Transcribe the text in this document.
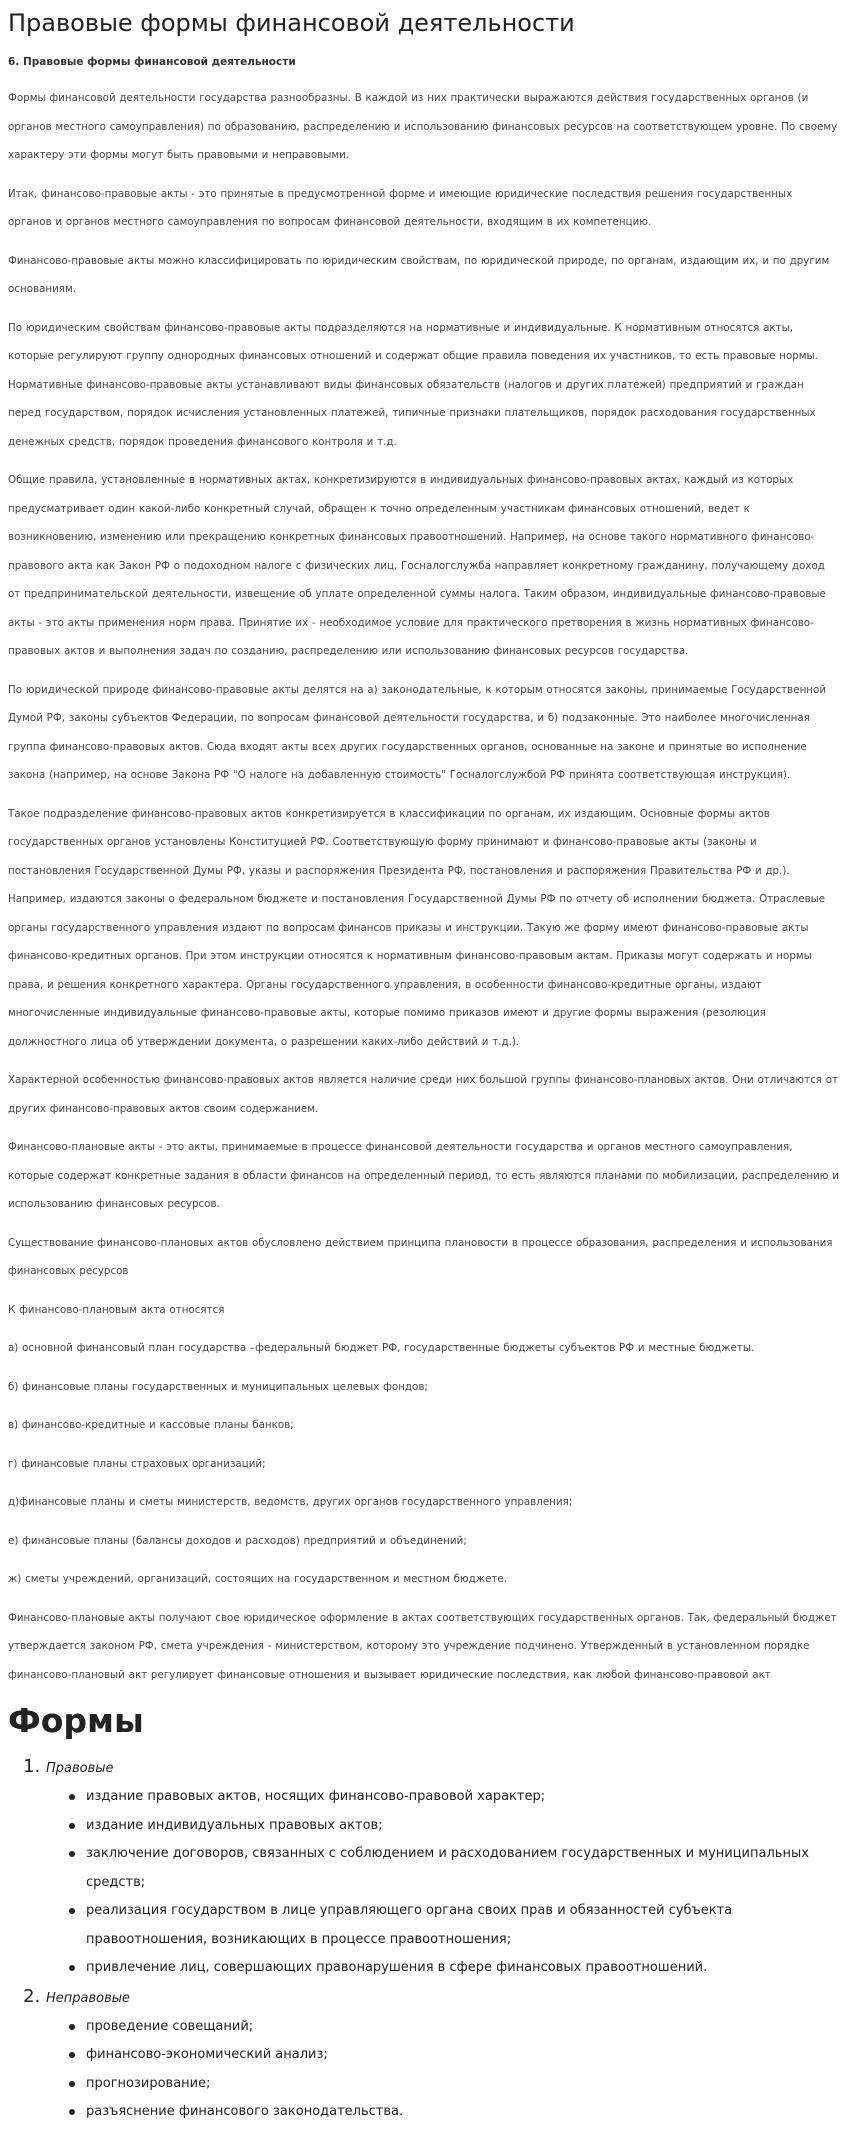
Правовые формы финансовой деятельности
6. Правовые формы финансовой деятельности

Формы финансовой деятельности государства разнообразны. В каждой из них практически выражаются действия государственных органов (и органов местного самоуправления) по образованию, распределению и использованию финансовых ресурсов на соответствующем уровне. По своему характеру эти формы могут быть правовыми и неправовыми.

Итак, финансово-правовые акты - это принятые в предусмотренной форме и имеющие юридические последствия решения государственных органов и органов местного самоуправления по вопросам финансовой деятельности, входящим в их компетенцию.

Финансово-правовые акты можно классифицировать по юридическим свойствам, по юридической природе, по органам, издающим их, и по другим основаниям.

По юридическим свойствам финансово-правовые акты подразделяются на нормативные и индивидуальные. К нормативным относятся акты, которые регулируют группу однородных финансовых отношений и содержат общие правила поведения их участников, то есть правовые нормы. Нормативные финансово-правовые акты устанавливают виды финансовых обязательств (налогов и других платежей) предприятий и граждан перед государством, порядок исчисления установленных платежей, типичные признаки плательщиков, порядок расходования государственных денежных средств, порядок проведения финансового контроля и т.д.

Общие правила, установленные в нормативных актах, конкретизируются в индивидуальных финансово-правовых актах, каждый из которых предусматривает один какой-либо конкретный случай, обращен к точно определенным участникам финансовых отношений, ведет к возникновению, изменению или прекращению конкретных финансовых правоотношений. Например, на основе такого нормативного финансово-правового акта как Закон РФ о подоходном налоге с физических лиц, Госналогслужба направляет конкретному гражданину, получающему доход от предпринимательской деятельности, извещение об уплате определенной суммы налога. Таким образом, индивидуальные финансово-правовые акты - это акты применения норм права. Принятие их - необходимое условие для практического претворения в жизнь нормативных финансово-правовых актов и выполнения задач по созданию, распределению или использованию финансовых ресурсов государства.

По юридической природе финансово-правовые акты делятся на а) законодательные, к которым относятся законы, принимаемые Государственной Думой РФ, законы субъектов Федерации, по вопросам финансовой деятельности государства, и б) подзаконные. Это наиболее многочисленная группа финансово-правовых актов. Сюда входят акты всех других государственных органов, основанные на законе и принятые во исполнение закона (например, на основе Закона РФ "О налоге на добавленную стоимость" Госналогслужбой РФ принята соответствующая инструкция).

Такое подразделение финансово-правовых актов конкретизируется в классификации по органам, их издающим. Основные формы актов государственных органов установлены Конституцией РФ. Соответствующую форму принимают и финансово-правовые акты (законы и постановления Государственной Думы РФ, указы и распоряжения Президента РФ, постановления и распоряжения Правительства РФ и др.). Например, издаются законы о федеральном бюджете и постановления Государственной Думы РФ по отчету об исполнении бюджета. Отраслевые органы государственного управления издают по вопросам финансов приказы и инструкции. Такую же форму имеют финансово-правовые акты финансово-кредитных органов. При этом инструкции относятся к нормативным финансово-правовым актам. Приказы могут содержать и нормы права, и решения конкретного характера. Органы государственного управления, в особенности финансово-кредитные органы, издают многочисленные индивидуальные финансово-правовые акты, которые помимо приказов имеют и другие формы выражения (резолюция должностного лица об утверждении документа, о разрешении каких-либо действий и т.д.).

Характерной особенностью финансово-правовых актов является наличие среди них большой группы финансово-плановых актов. Они отличаются от других финансово-правовых актов своим содержанием.

Финансово-плановые акты - это акты, принимаемые в процессе финансовой деятельности государства и органов местного самоуправления, которые содержат конкретные задания в области финансов на определенный период, то есть являются планами по мобилизации, распределению и использованию финансовых ресурсов.

Существование финансово-плановых актов обусловлено действием принципа плановости в процессе образования, распределения и использования финансовых ресурсов

К финансово-плановым акта относятся

а) основной финансовый план государства –федеральный бюджет РФ, государственные бюджеты субъектов РФ и местные бюджеты.

б) финансовые планы государственных и муниципальных целевых фондов;

в) финансово-кредитные и кассовые планы банков;

г) финансовые планы страховых организаций;

д)финансовые планы и сметы министерств, ведомств, других органов государственного управления;

е) финансовые планы (балансы доходов и расходов) предприятий и объединений;

ж) сметы учреждений, организаций, состоящих на государственном и местном бюджете.

Финансово-плановые акты получают свое юридическое оформление в актах соответствующих государственных органов. Так, федеральный бюджет утверждается законом РФ, смета учреждения - министерством, которому это учреждение подчинено. Утвержденный в установленном порядке финансово-плановый акт регулирует финансовые отношения и вызывает юридические последствия, как любой финансово-правовой акт

Формы
1. Правовые
издание правовых актов, носящих финансово-правовой характер;
издание индивидуальных правовых актов;
заключение договоров, связанных с соблюдением и расходованием государственных и муниципальных средств;
реализация государством в лице управляющего органа своих прав и обязанностей субъекта правоотношения, возникающих в процессе правоотношения;
привлечение лиц, совершающих правонарушения в сфере финансовых правоотношений.
2. Неправовые
проведение совещаний;
финансово-экономический анализ;
прогнозирование;
разъяснение финансового законодательства.
